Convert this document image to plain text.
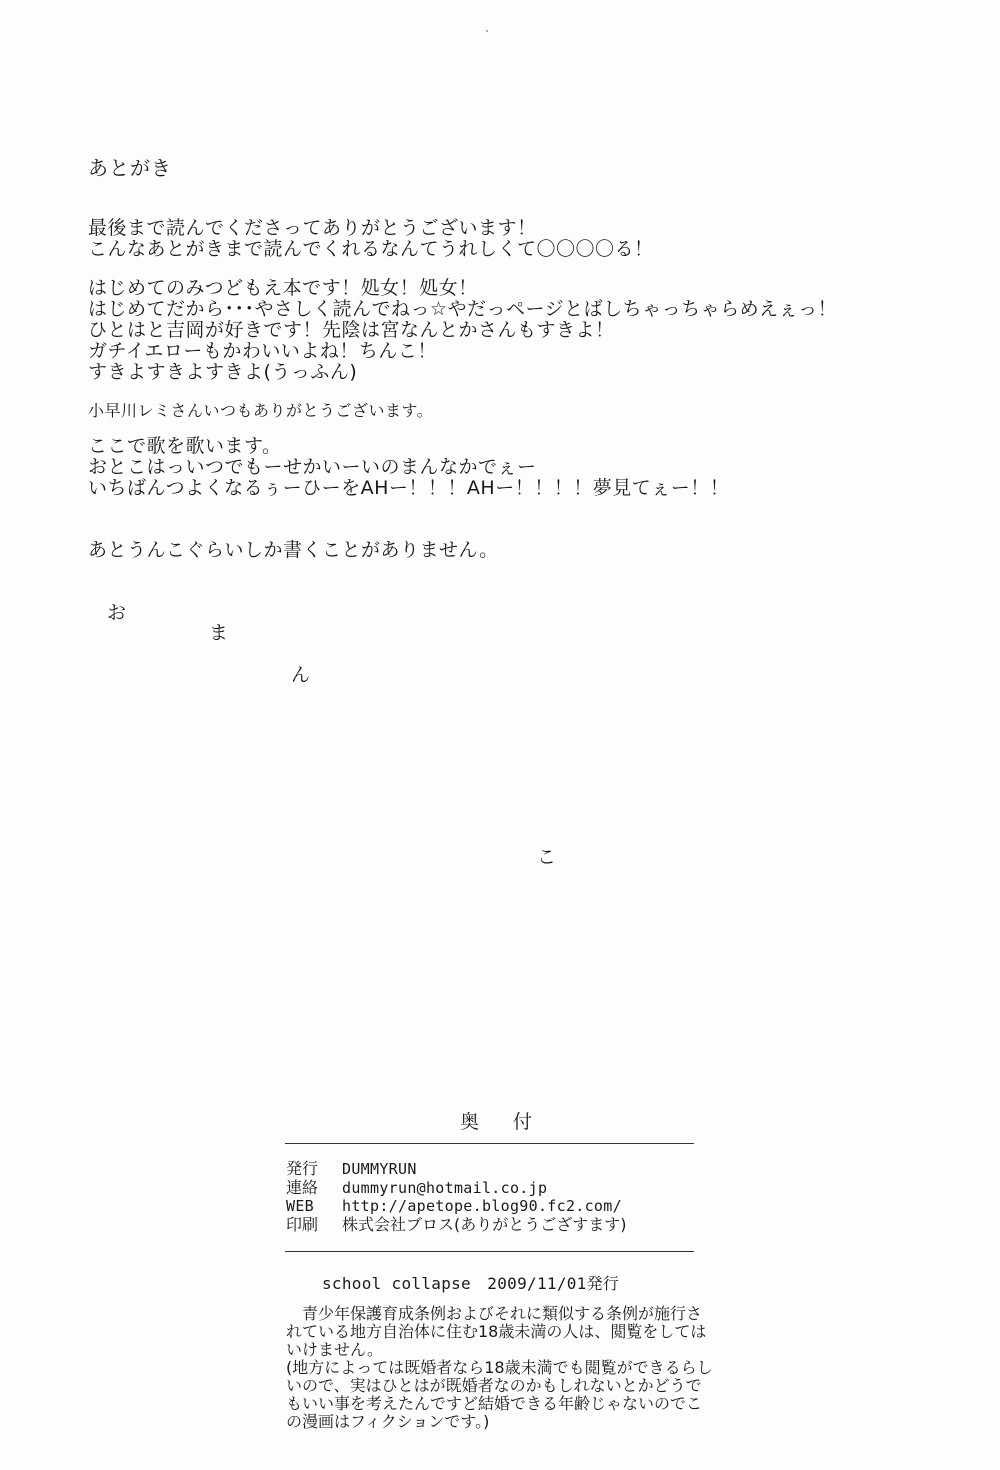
あとがき
最後まで読んでくださってありがとうございます！
こんなあとがきまで読んでくれるなんてうれしくて〇〇〇〇る！
はじめてのみつどもえ本です！処女！処女！
はじめてだから･･･やさしく読んでねっ☆やだっページとばしちゃっちゃらめえぇっ！
ひとはと吉岡が好きです！先陰は宮なんとかさんもすきよ！
ガチイエローもかわいいよね！ちんこ！
すきよすきよすきよ(うっふん)
小早川レミさんいつもありがとうございます。
ここで歌を歌います。
おとこはっいつでもーせかいーいのまんなかでぇー
いちばんつよくなるぅーひーをAHー！！！AHー！！！！夢見てぇー！！
あとうんこぐらいしか書くことがありません。
お
ま
ん
こ
奥付
発行	DUMMYRUN
連絡	dummyrun@hotmail.co.jp
WEB	http://apetope.blog90.fc2.com/
印刷	株式会社ブロス(ありがとうござすます)
school collapse　2009/11/01発行

青少年保護育成条例およびそれに類似する条例が施行されている地方自治体に住む18歳未満の人は、閲覧をしてはいけません。

(地方によっては既婚者なら18歳未満でも閲覧ができるらしいので、実はひとはが既婚者なのかもしれないとかどうでもいい事を考えたんですど結婚できる年齢じゃないのでこの漫画はフィクションです。)
